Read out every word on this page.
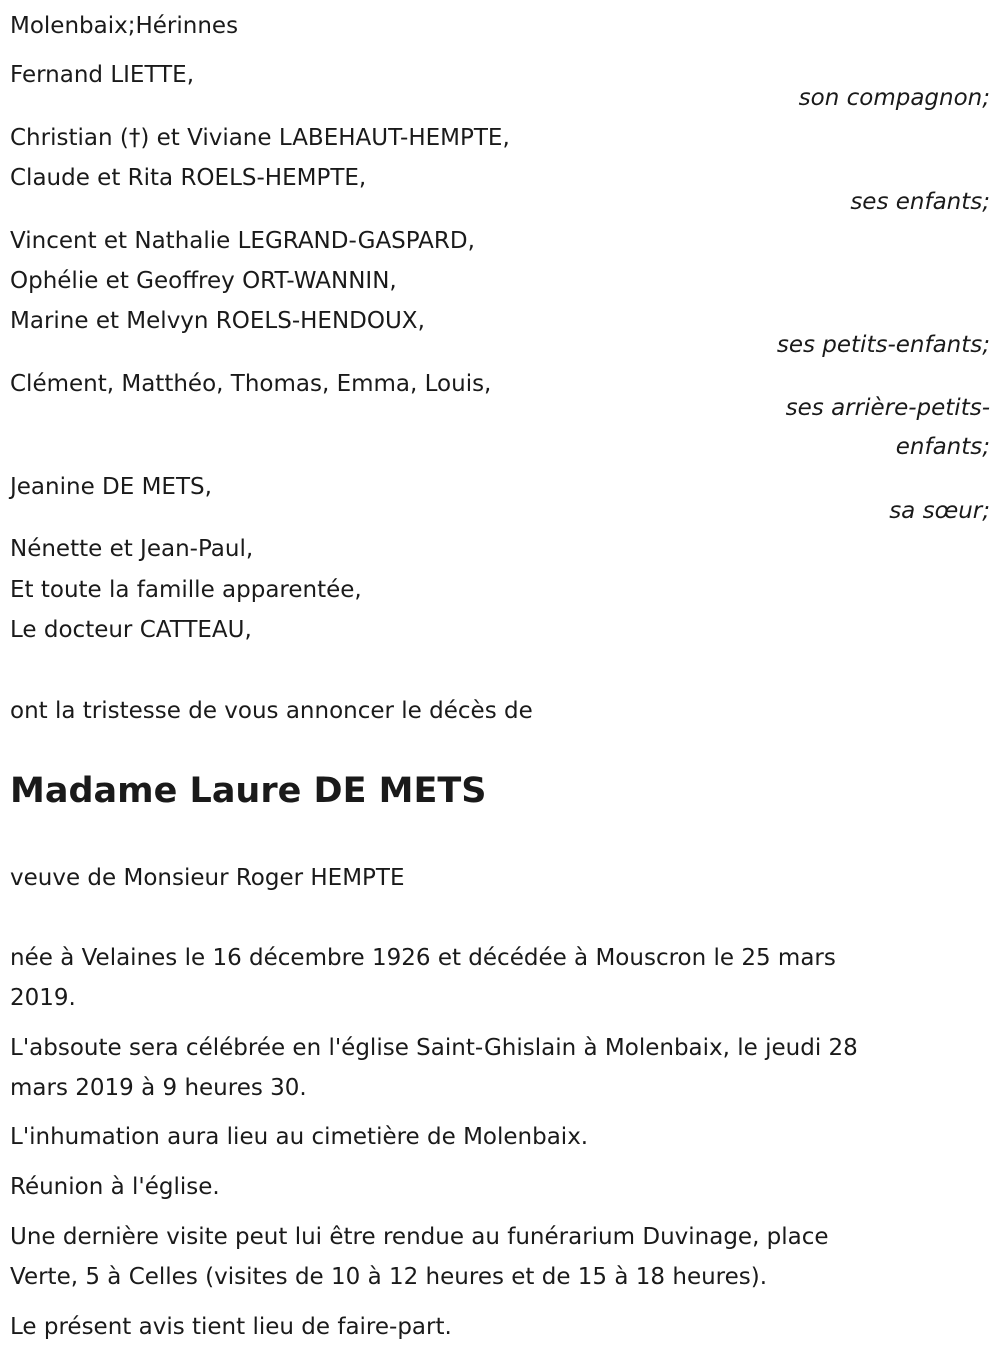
Molenbaix;Hérinnes
Fernand LIETTE,
son compagnon;
Christian (†) et Viviane LABEHAUT-HEMPTE,
Claude et Rita ROELS-HEMPTE,
ses enfants;
Vincent et Nathalie LEGRAND-GASPARD,
Ophélie et Geoffrey ORT-WANNIN,
Marine et Melvyn ROELS-HENDOUX,
ses petits-enfants;
Clément, Matthéo, Thomas, Emma, Louis,
ses arrière-petits-
enfants;
Jeanine DE METS,
sa sœur;
Nénette et Jean-Paul,
Et toute la famille apparentée,
Le docteur CATTEAU,
ont la tristesse de vous annoncer le décès de
Madame Laure DE METS
veuve de Monsieur Roger HEMPTE
née à Velaines le 16 décembre 1926 et décédée à Mouscron le 25 mars
2019.
L'absoute sera célébrée en l'église Saint-Ghislain à Molenbaix, le jeudi 28
mars 2019 à 9 heures 30.
L'inhumation aura lieu au cimetière de Molenbaix.
Réunion à l'église.
Une dernière visite peut lui être rendue au funérarium Duvinage, place
Verte, 5 à Celles (visites de 10 à 12 heures et de 15 à 18 heures).
Le présent avis tient lieu de faire-part.
